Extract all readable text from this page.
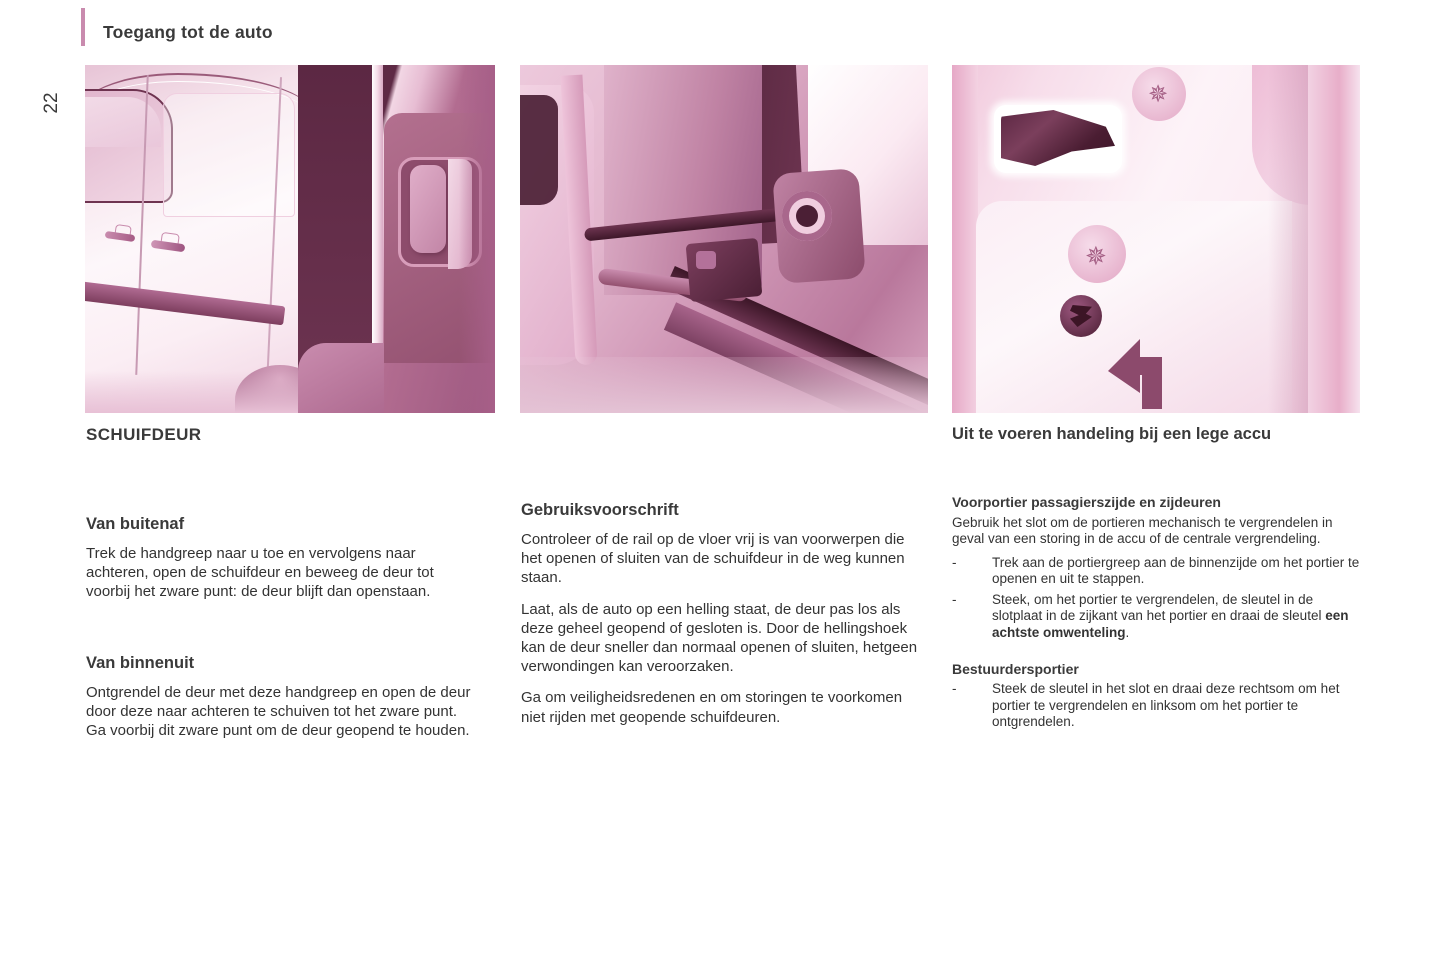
Toegang tot de auto
22	✵
✵
SCHUIFDEUR
Van buitenaf

Trek de handgreep naar u toe en vervolgens naar achteren, open de schuifdeur en beweeg de deur tot voorbij het zware punt: de deur blijft dan openstaan.

Van binnenuit

Ontgrendel de deur met deze handgreep en open de deur door deze naar achteren te schuiven tot het zware punt. Ga voorbij dit zware punt om de deur geopend te houden.

Gebruiksvoorschrift

Controleer of de rail op de vloer vrij is van voorwerpen die het openen of sluiten van de schuifdeur in de weg kunnen staan.

Laat, als de auto op een helling staat, de deur pas los als deze geheel geopend of gesloten is. Door de hellingshoek kan de deur sneller dan normaal openen of sluiten, hetgeen verwondingen kan veroorzaken.

Ga om veiligheidsredenen en om storingen te voorkomen niet rijden met geopende schuifdeuren.

Uit te voeren handeling bij een lege accu
Voorportier passagierszijde en zijdeuren

Gebruik het slot om de portieren mechanisch te vergrendelen in geval van een storing in de accu of de centrale vergrendeling.

-	Trek aan de portiergreep aan de binnenzijde om het portier te openen en uit te stappen.
-	Steek, om het portier te vergrendelen, de sleutel in de slotplaat in de zijkant van het portier en draai de sleutel een achtste omwenteling.
Bestuurdersportier
-	Steek de sleutel in het slot en draai deze rechtsom om het portier te vergrendelen en linksom om het portier te ontgrendelen.
